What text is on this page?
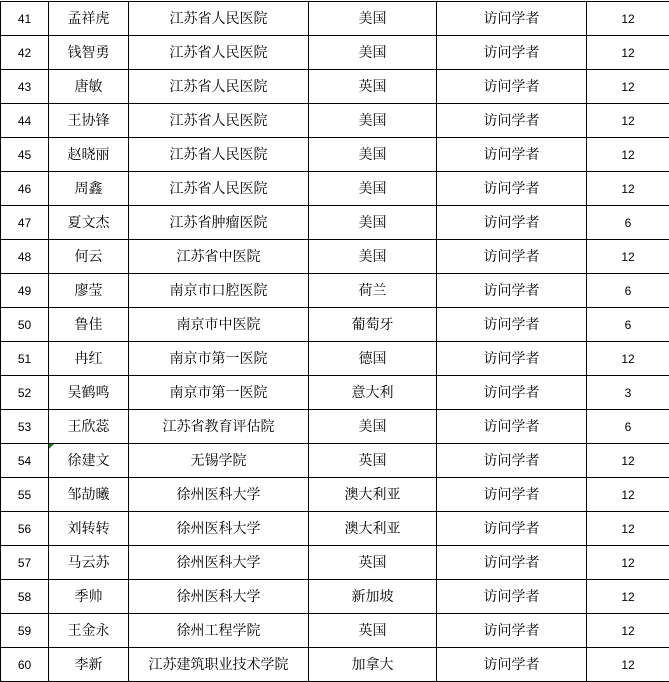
41	孟祥虎	江苏省人民医院	美国	访问学者	12
42	钱智勇	江苏省人民医院	美国	访问学者	12
43	唐敏	江苏省人民医院	英国	访问学者	12
44	王协锋	江苏省人民医院	美国	访问学者	12
45	赵晓丽	江苏省人民医院	美国	访问学者	12
46	周鑫	江苏省人民医院	美国	访问学者	12
47	夏文杰	江苏省肿瘤医院	美国	访问学者	6
48	何云	江苏省中医院	美国	访问学者	12
49	廖莹	南京市口腔医院	荷兰	访问学者	6
50	鲁佳	南京市中医院	葡萄牙	访问学者	6
51	冉红	南京市第一医院	德国	访问学者	12
52	吴鹤鸣	南京市第一医院	意大利	访问学者	3
53	王欣蕊	江苏省教育评估院	美国	访问学者	6
54	徐建文	无锡学院	英国	访问学者	12
55	邹劼曦	徐州医科大学	澳大利亚	访问学者	12
56	刘转转	徐州医科大学	澳大利亚	访问学者	12
57	马云苏	徐州医科大学	英国	访问学者	12
58	季帅	徐州医科大学	新加坡	访问学者	12
59	王金永	徐州工程学院	英国	访问学者	12
60	李新	江苏建筑职业技术学院	加拿大	访问学者	12
